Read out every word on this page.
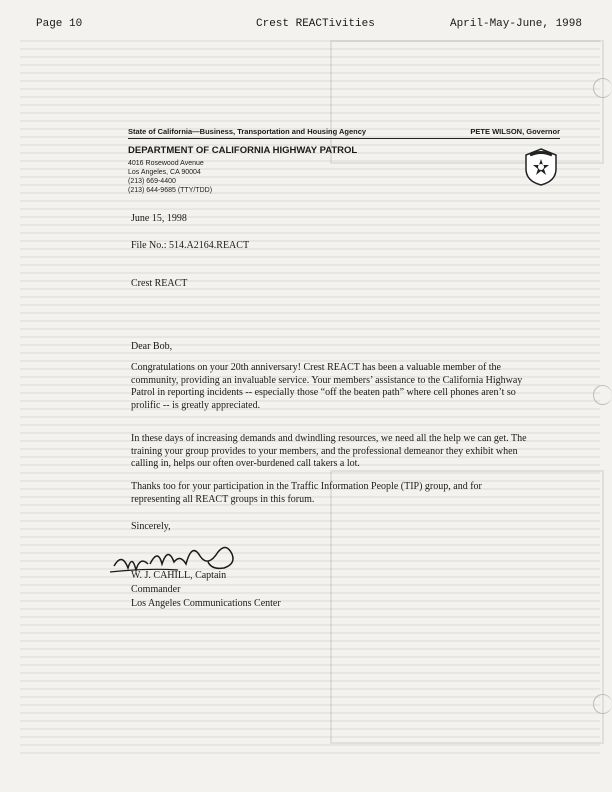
Page 10	Crest REACTivities	April-May-June, 1998
State of California—Business, Transportation and Housing Agency	PETE WILSON, Governor
DEPARTMENT OF CALIFORNIA HIGHWAY PATROL
4016 Rosewood Avenue
Los Angeles, CA 90004
(213) 669-4400
(213) 644-9685 (TTY/TDD)
June 15, 1998
File No.: 514.A2164.REACT
Crest REACT
Dear Bob,
Congratulations on your 20th anniversary! Crest REACT has been a valuable member of the community, providing an invaluable service. Your members’ assistance to the California Highway Patrol in reporting incidents -- especially those “off the beaten path” where cell phones aren’t so prolific -- is greatly appreciated.
In these days of increasing demands and dwindling resources, we need all the help we can get. The training your group provides to your members, and the professional demeanor they exhibit when calling in, helps our often over-burdened call takers a lot.
Thanks too for your participation in the Traffic Information People (TIP) group, and for representing all REACT groups in this forum.
Sincerely,
W. J. CAHILL, Captain
Commander
Los Angeles Communications Center
